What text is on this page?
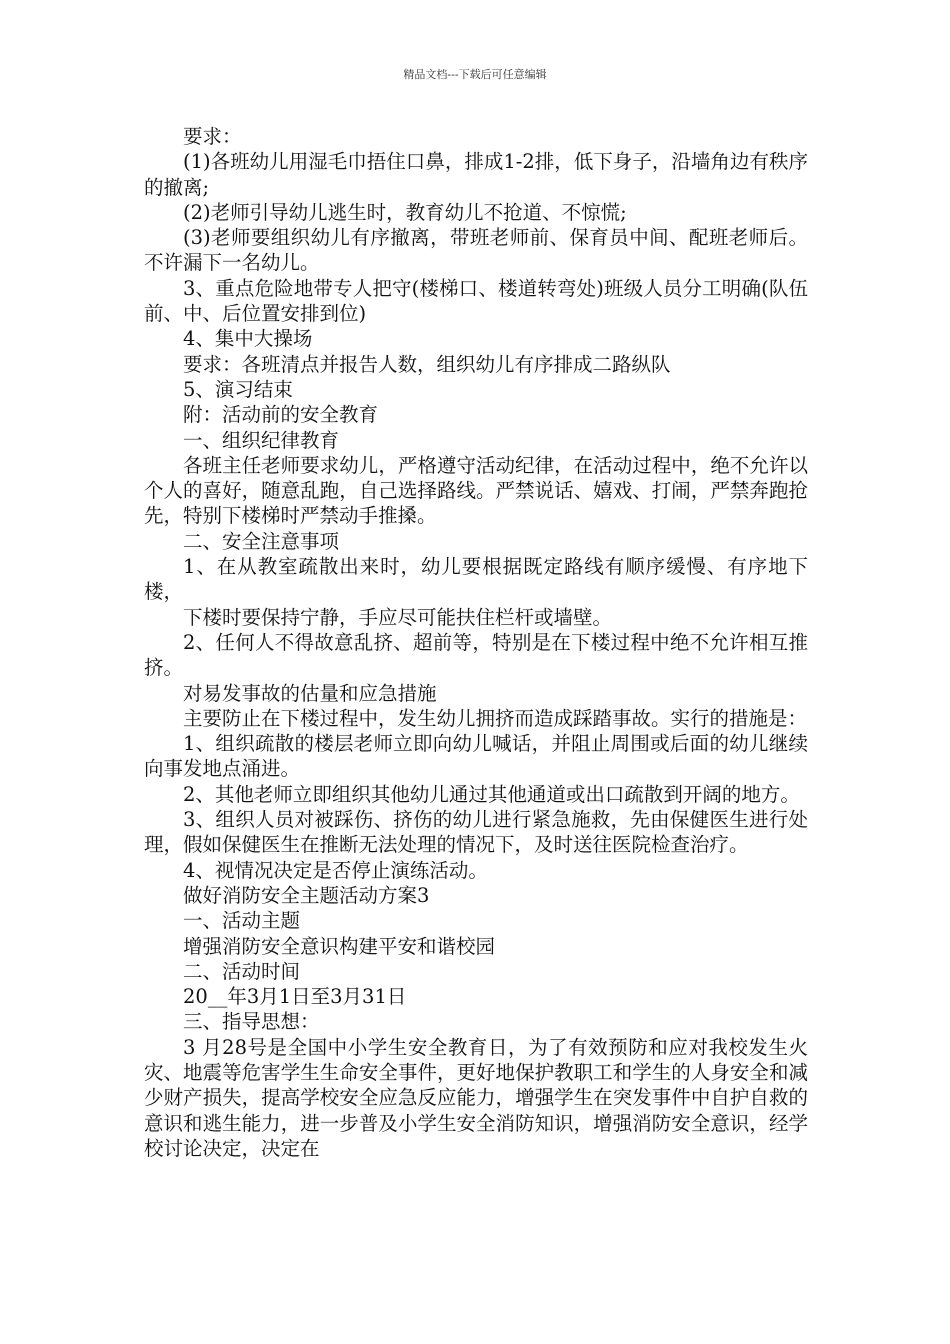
精品文档---下载后可任意编辑

要求：

(1)各班幼儿用湿毛巾捂住口鼻，排成1-2排，低下身子，沿墙角边有秩序的撤离;

(2)老师引导幼儿逃生时，教育幼儿不抢道、不惊慌;

(3)老师要组织幼儿有序撤离，带班老师前、保育员中间、配班老师后。不许漏下一名幼儿。

3、重点危险地带专人把守(楼梯口、楼道转弯处)班级人员分工明确(队伍前、中、后位置安排到位)

4、集中大操场

要求：各班清点并报告人数，组织幼儿有序排成二路纵队

5、演习结束

附：活动前的安全教育

一、组织纪律教育

各班主任老师要求幼儿，严格遵守活动纪律，在活动过程中，绝不允许以个人的喜好，随意乱跑，自己选择路线。严禁说话、嬉戏、打闹，严禁奔跑抢先，特别下楼梯时严禁动手推搡。

二、安全注意事项

1、在从教室疏散出来时，幼儿要根据既定路线有顺序缓慢、有序地下楼，

下楼时要保持宁静，手应尽可能扶住栏杆或墙壁。

2、任何人不得故意乱挤、超前等，特别是在下楼过程中绝不允许相互推挤。

对易发事故的估量和应急措施

主要防止在下楼过程中，发生幼儿拥挤而造成踩踏事故。实行的措施是：

1、组织疏散的楼层老师立即向幼儿喊话，并阻止周围或后面的幼儿继续向事发地点涌进。

2、其他老师立即组织其他幼儿通过其他通道或出口疏散到开阔的地方。

3、组织人员对被踩伤、挤伤的幼儿进行紧急施救，先由保健医生进行处理，假如保健医生在推断无法处理的情况下，及时送往医院检查治疗。

4、视情况决定是否停止演练活动。

做好消防安全主题活动方案3

一、活动主题

增强消防安全意识构建平安和谐校园

二、活动时间

20__年3月1日至3月31日

三、指导思想：

3 月28号是全国中小学生安全教育日，为了有效预防和应对我校发生火灾、地震等危害学生生命安全事件，更好地保护教职工和学生的人身安全和减少财产损失，提高学校安全应急反应能力，增强学生在突发事件中自护自救的意识和逃生能力，进一步普及小学生安全消防知识，增强消防安全意识，经学校讨论决定，决定在
